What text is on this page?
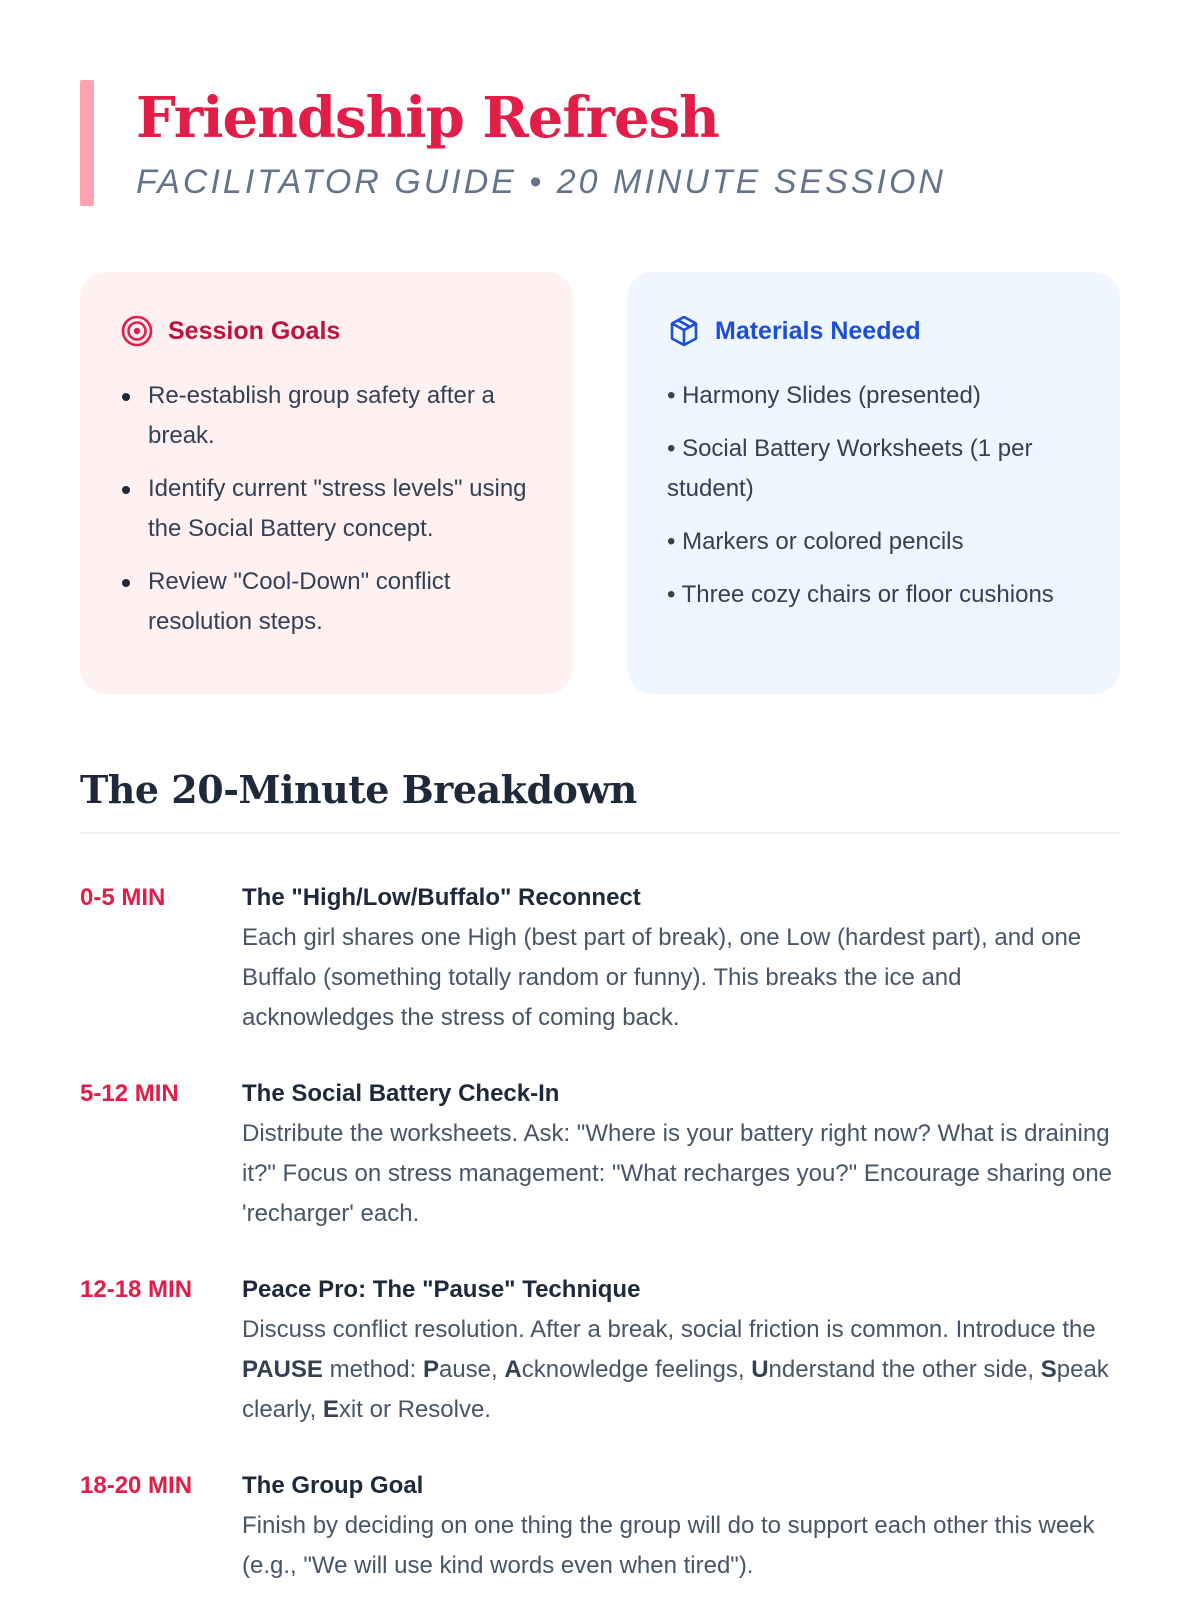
Friendship Refresh
FACILITATOR GUIDE • 20 MINUTE SESSION
Session Goals
Re-establish group safety after a break.
Identify current "stress levels" using the Social Battery concept.
Review "Cool-Down" conflict resolution steps.
Materials Needed
• Harmony Slides (presented)
• Social Battery Worksheets (1 per student)
• Markers or colored pencils
• Three cozy chairs or floor cushions
The 20-Minute Breakdown
0-5 MIN	The "High/Low/Buffalo" Reconnect

Each girl shares one High (best part of break), one Low (hardest part), and one Buffalo (something totally random or funny). This breaks the ice and acknowledges the stress of coming back.

5-12 MIN	The Social Battery Check-In

Distribute the worksheets. Ask: "Where is your battery right now? What is draining it?" Focus on stress management: "What recharges you?" Encourage sharing one 'recharger' each.

12-18 MIN	Peace Pro: The "Pause" Technique

Discuss conflict resolution. After a break, social friction is common. Introduce the PAUSE method: Pause, Acknowledge feelings, Understand the other side, Speak clearly, Exit or Resolve.

18-20 MIN	The Group Goal

Finish by deciding on one thing the group will do to support each other this week (e.g., "We will use kind words even when tired").
